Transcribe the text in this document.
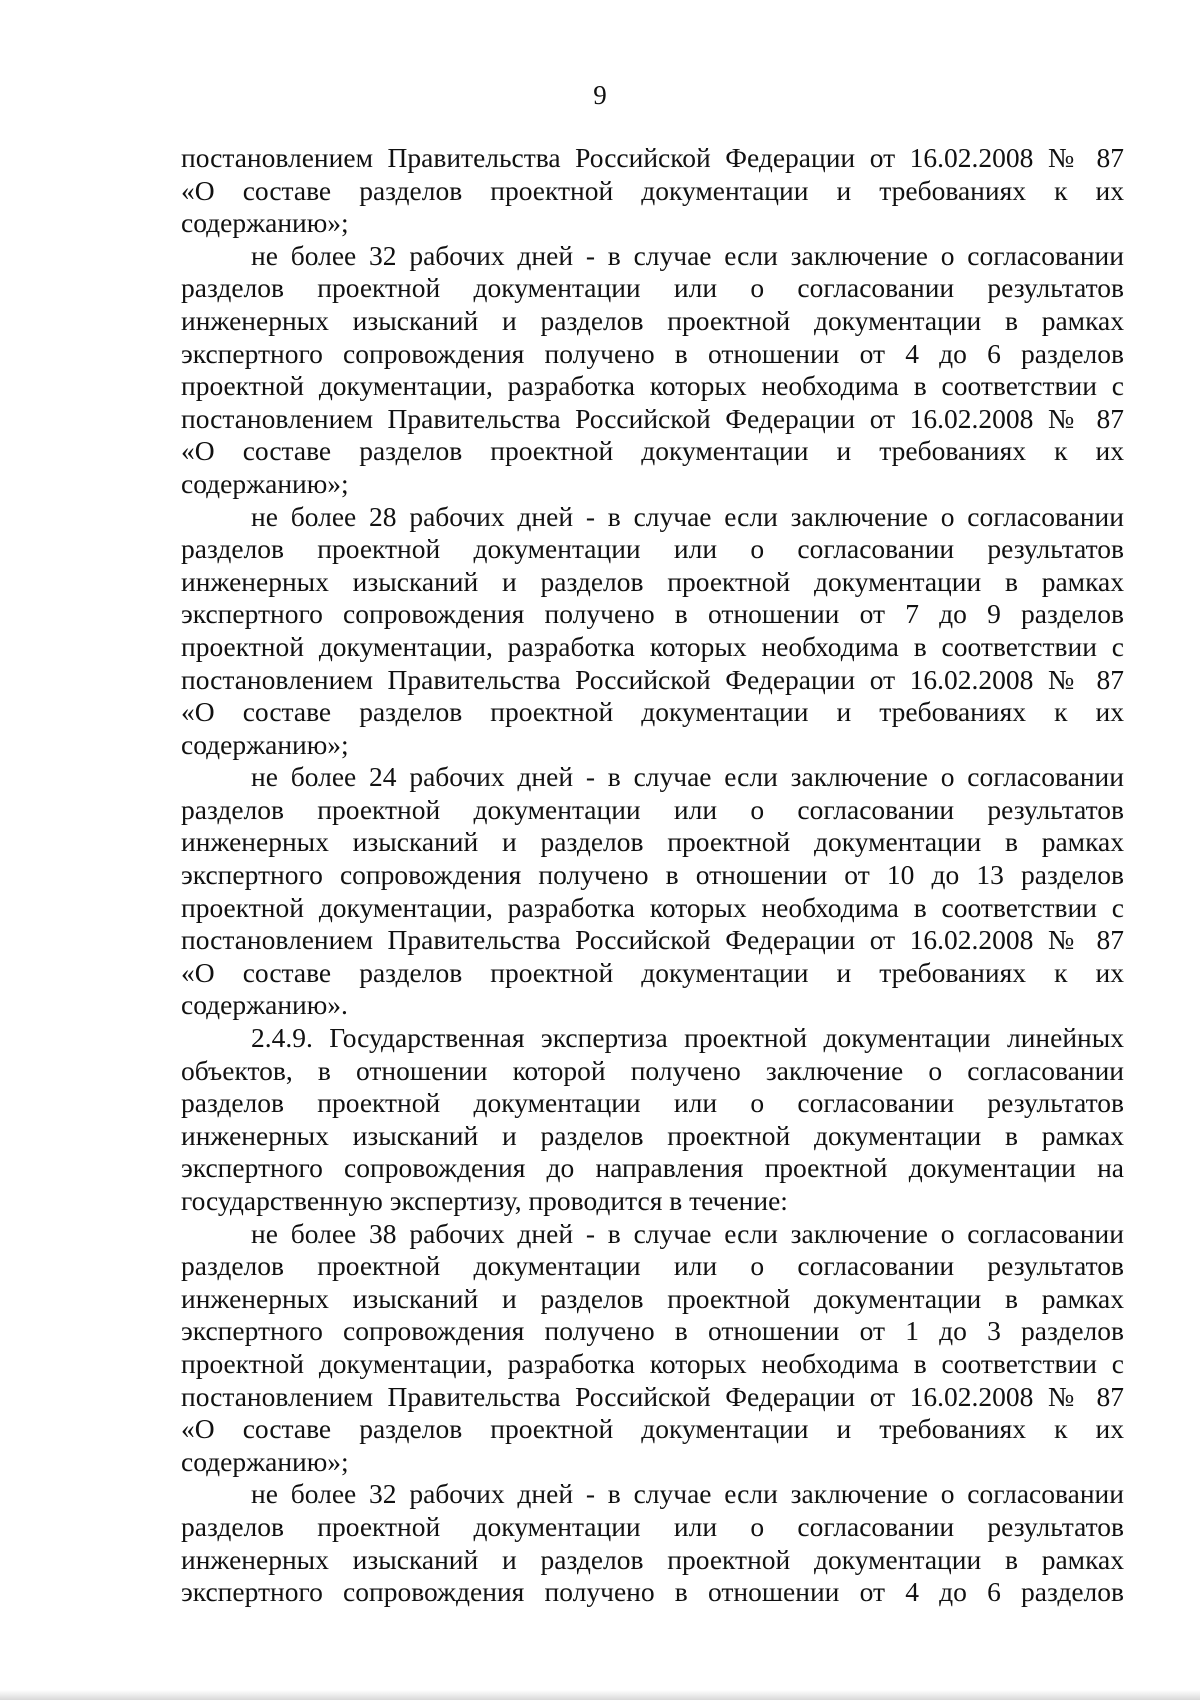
9
постановлением Правительства Российской Федерации от 16.02.2008 № 87
«О составе разделов проектной документации и требованиях к их
содержанию»;
не более 32 рабочих дней - в случае если заключение о согласовании
разделов проектной документации или о согласовании результатов
инженерных изысканий и разделов проектной документации в рамках
экспертного сопровождения получено в отношении от 4 до 6 разделов
проектной документации, разработка которых необходима в соответствии с
постановлением Правительства Российской Федерации от 16.02.2008 № 87
«О составе разделов проектной документации и требованиях к их
содержанию»;
не более 28 рабочих дней - в случае если заключение о согласовании
разделов проектной документации или о согласовании результатов
инженерных изысканий и разделов проектной документации в рамках
экспертного сопровождения получено в отношении от 7 до 9 разделов
проектной документации, разработка которых необходима в соответствии с
постановлением Правительства Российской Федерации от 16.02.2008 № 87
«О составе разделов проектной документации и требованиях к их
содержанию»;
не более 24 рабочих дней - в случае если заключение о согласовании
разделов проектной документации или о согласовании результатов
инженерных изысканий и разделов проектной документации в рамках
экспертного сопровождения получено в отношении от 10 до 13 разделов
проектной документации, разработка которых необходима в соответствии с
постановлением Правительства Российской Федерации от 16.02.2008 № 87
«О составе разделов проектной документации и требованиях к их
содержанию».
2.4.9. Государственная экспертиза проектной документации линейных
объектов, в отношении которой получено заключение о согласовании
разделов проектной документации или о согласовании результатов
инженерных изысканий и разделов проектной документации в рамках
экспертного сопровождения до направления проектной документации на
государственную экспертизу, проводится в течение:
не более 38 рабочих дней - в случае если заключение о согласовании
разделов проектной документации или о согласовании результатов
инженерных изысканий и разделов проектной документации в рамках
экспертного сопровождения получено в отношении от 1 до 3 разделов
проектной документации, разработка которых необходима в соответствии с
постановлением Правительства Российской Федерации от 16.02.2008 № 87
«О составе разделов проектной документации и требованиях к их
содержанию»;
не более 32 рабочих дней - в случае если заключение о согласовании
разделов проектной документации или о согласовании результатов
инженерных изысканий и разделов проектной документации в рамках
экспертного сопровождения получено в отношении от 4 до 6 разделов
